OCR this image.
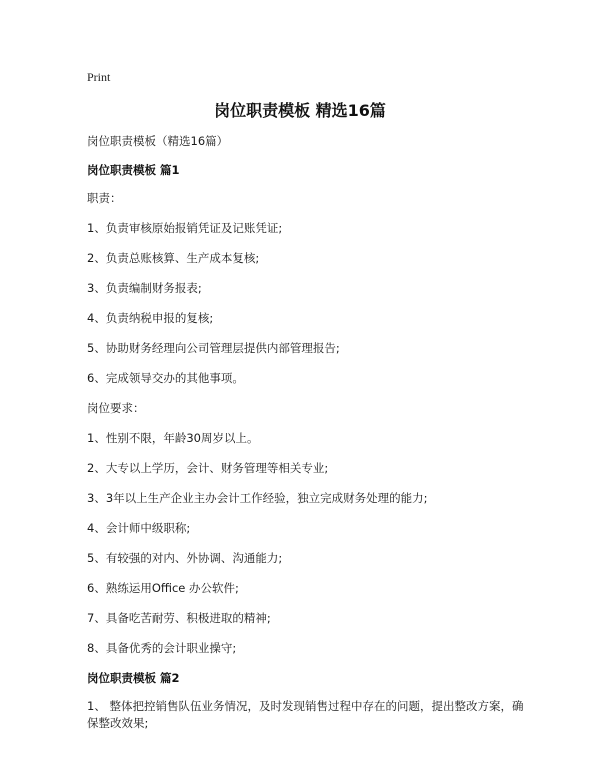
Print
岗位职责模板 精选16篇

岗位职责模板（精选16篇）

岗位职责模板 篇1

职责：

1、负责审核原始报销凭证及记账凭证;

2、负责总账核算、生产成本复核;

3、负责编制财务报表;

4、负责纳税申报的复核;

5、协助财务经理向公司管理层提供内部管理报告;

6、完成领导交办的其他事项。

岗位要求：

1、性别不限，年龄30周岁以上。

2、大专以上学历，会计、财务管理等相关专业;

3、3年以上生产企业主办会计工作经验，独立完成财务处理的能力;

4、会计师中级职称;

5、有较强的对内、外协调、沟通能力;

6、熟练运用Office 办公软件;

7、具备吃苦耐劳、积极进取的精神;

8、具备优秀的会计职业操守;

岗位职责模板 篇2

1、 整体把控销售队伍业务情况，及时发现销售过程中存在的问题，提出整改方案，确保整改效果;
